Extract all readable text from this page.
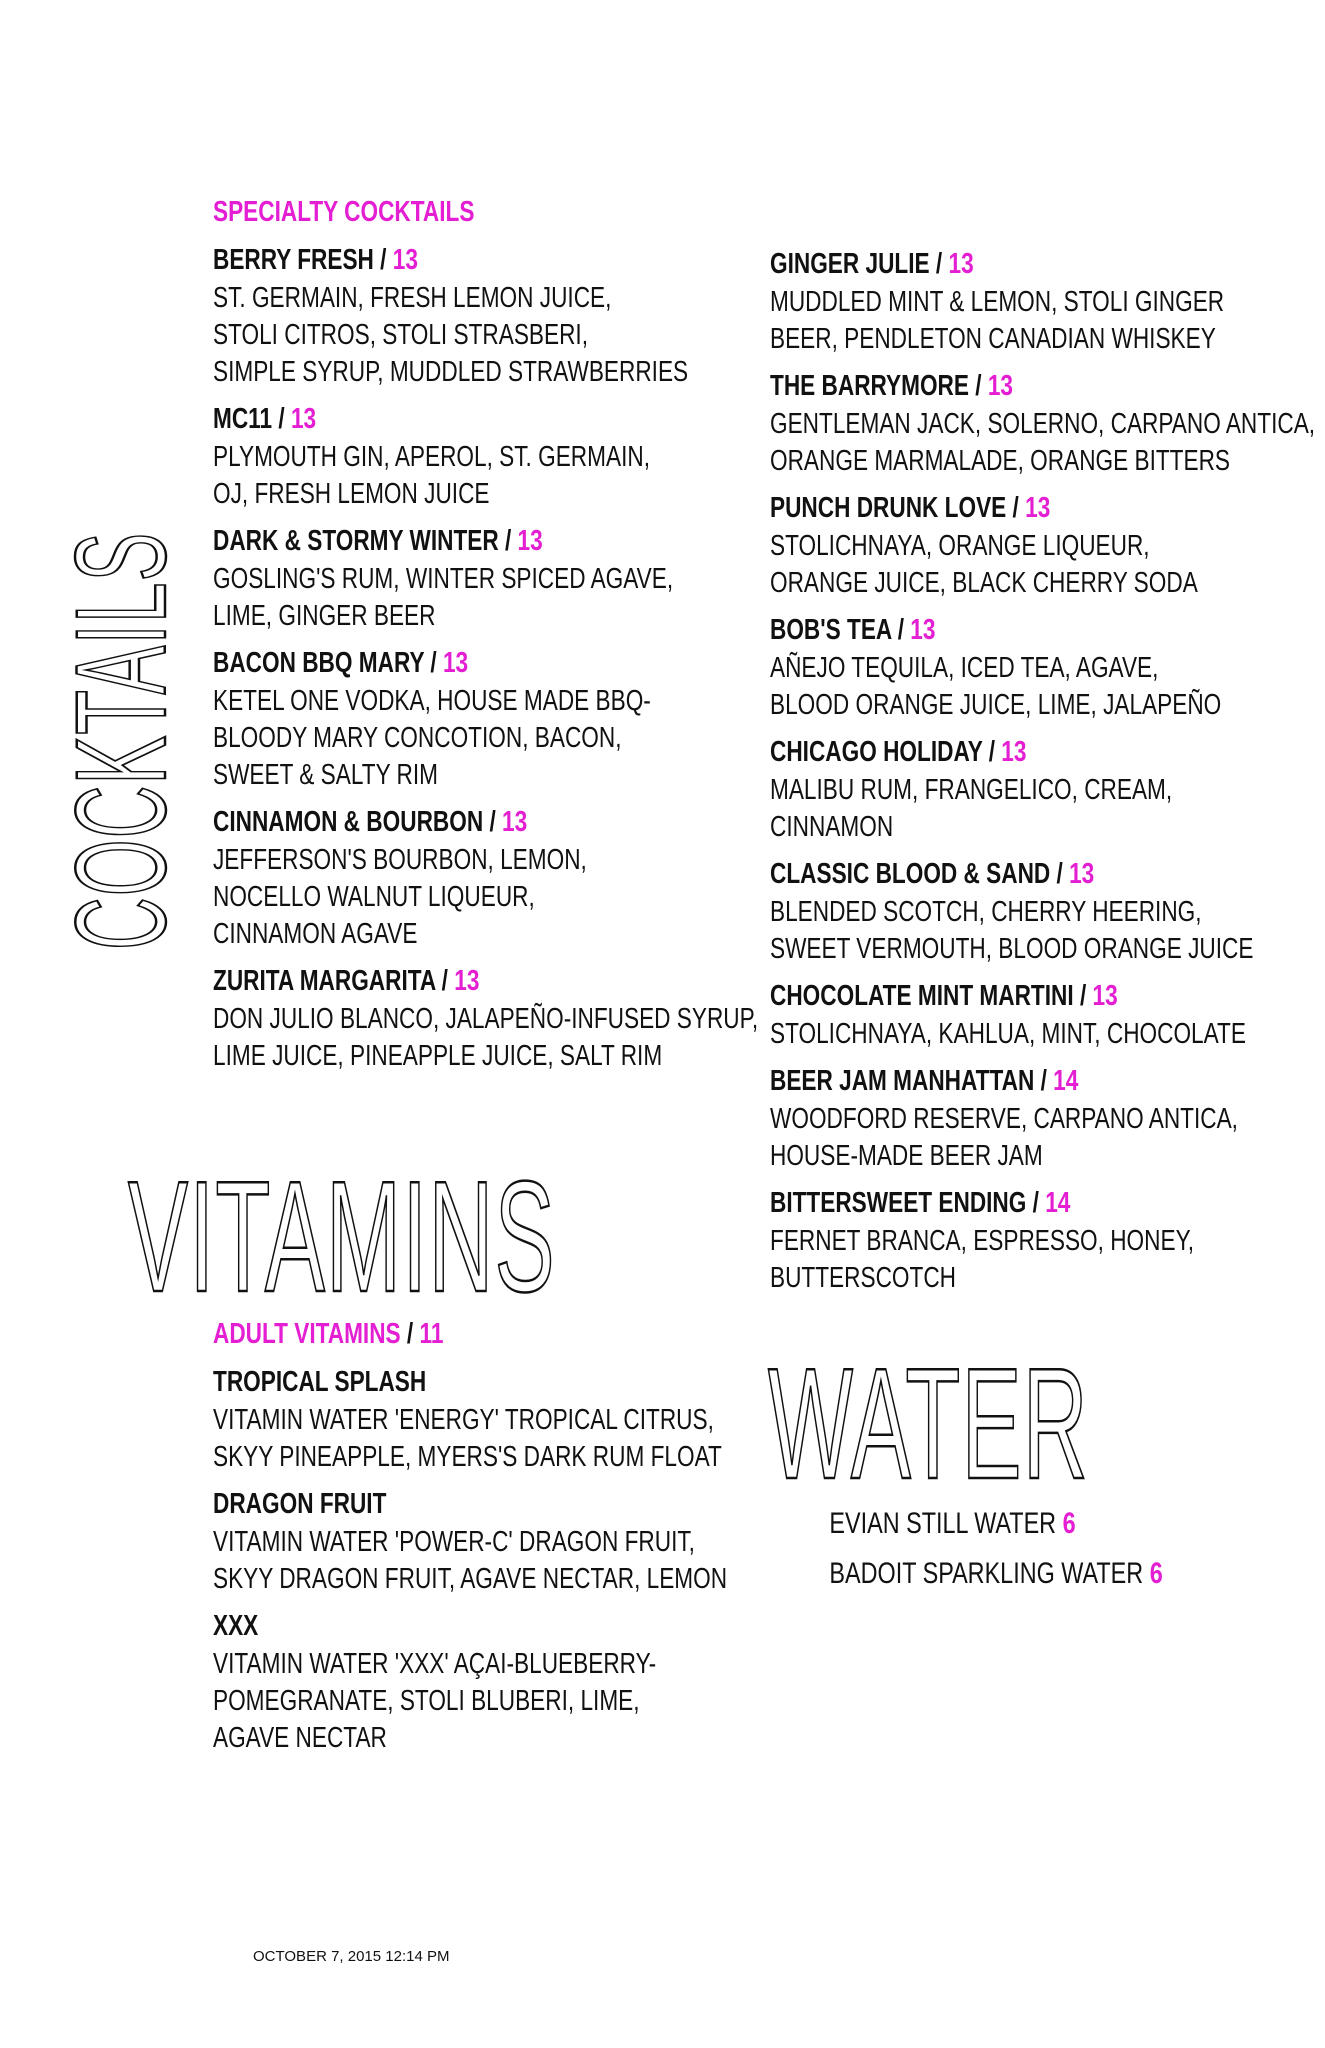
COCKTAILS
VITAMINS
WATER
SPECIALTY COCKTAILS
BERRY FRESH / 13
ST. GERMAIN, FRESH LEMON JUICE,
STOLI CITROS, STOLI STRASBERI,
SIMPLE SYRUP, MUDDLED STRAWBERRIES
MC11 / 13
PLYMOUTH GIN, APEROL, ST. GERMAIN,
OJ, FRESH LEMON JUICE
DARK & STORMY WINTER / 13
GOSLING'S RUM, WINTER SPICED AGAVE,
LIME, GINGER BEER
BACON BBQ MARY / 13
KETEL ONE VODKA, HOUSE MADE BBQ-
BLOODY MARY CONCOTION, BACON,
SWEET & SALTY RIM
CINNAMON & BOURBON / 13
JEFFERSON'S BOURBON, LEMON,
NOCELLO WALNUT LIQUEUR,
CINNAMON AGAVE
ZURITA MARGARITA / 13
DON JULIO BLANCO, JALAPEÑO-INFUSED SYRUP,
LIME JUICE, PINEAPPLE JUICE, SALT RIM
GINGER JULIE / 13
MUDDLED MINT & LEMON, STOLI GINGER
BEER, PENDLETON CANADIAN WHISKEY
THE BARRYMORE / 13
GENTLEMAN JACK, SOLERNO, CARPANO ANTICA,
ORANGE MARMALADE, ORANGE BITTERS
PUNCH DRUNK LOVE / 13
STOLICHNAYA, ORANGE LIQUEUR,
ORANGE JUICE, BLACK CHERRY SODA
BOB'S TEA / 13
AÑEJO TEQUILA, ICED TEA, AGAVE,
BLOOD ORANGE JUICE, LIME, JALAPEÑO
CHICAGO HOLIDAY / 13
MALIBU RUM, FRANGELICO, CREAM,
CINNAMON
CLASSIC BLOOD & SAND / 13
BLENDED SCOTCH, CHERRY HEERING,
SWEET VERMOUTH, BLOOD ORANGE JUICE
CHOCOLATE MINT MARTINI / 13
STOLICHNAYA, KAHLUA, MINT, CHOCOLATE
BEER JAM MANHATTAN / 14
WOODFORD RESERVE, CARPANO ANTICA,
HOUSE-MADE BEER JAM
BITTERSWEET ENDING / 14
FERNET BRANCA, ESPRESSO, HONEY,
BUTTERSCOTCH
ADULT VITAMINS / 11
TROPICAL SPLASH
VITAMIN WATER 'ENERGY' TROPICAL CITRUS,
SKYY PINEAPPLE, MYERS'S DARK RUM FLOAT
DRAGON FRUIT
VITAMIN WATER 'POWER-C' DRAGON FRUIT,
SKYY DRAGON FRUIT, AGAVE NECTAR, LEMON
XXX
VITAMIN WATER 'XXX' AÇAI-BLUEBERRY-
POMEGRANATE, STOLI BLUBERI, LIME,
AGAVE NECTAR
EVIAN STILL WATER 6
BADOIT SPARKLING WATER 6
OCTOBER 7, 2015 12:14 PM
